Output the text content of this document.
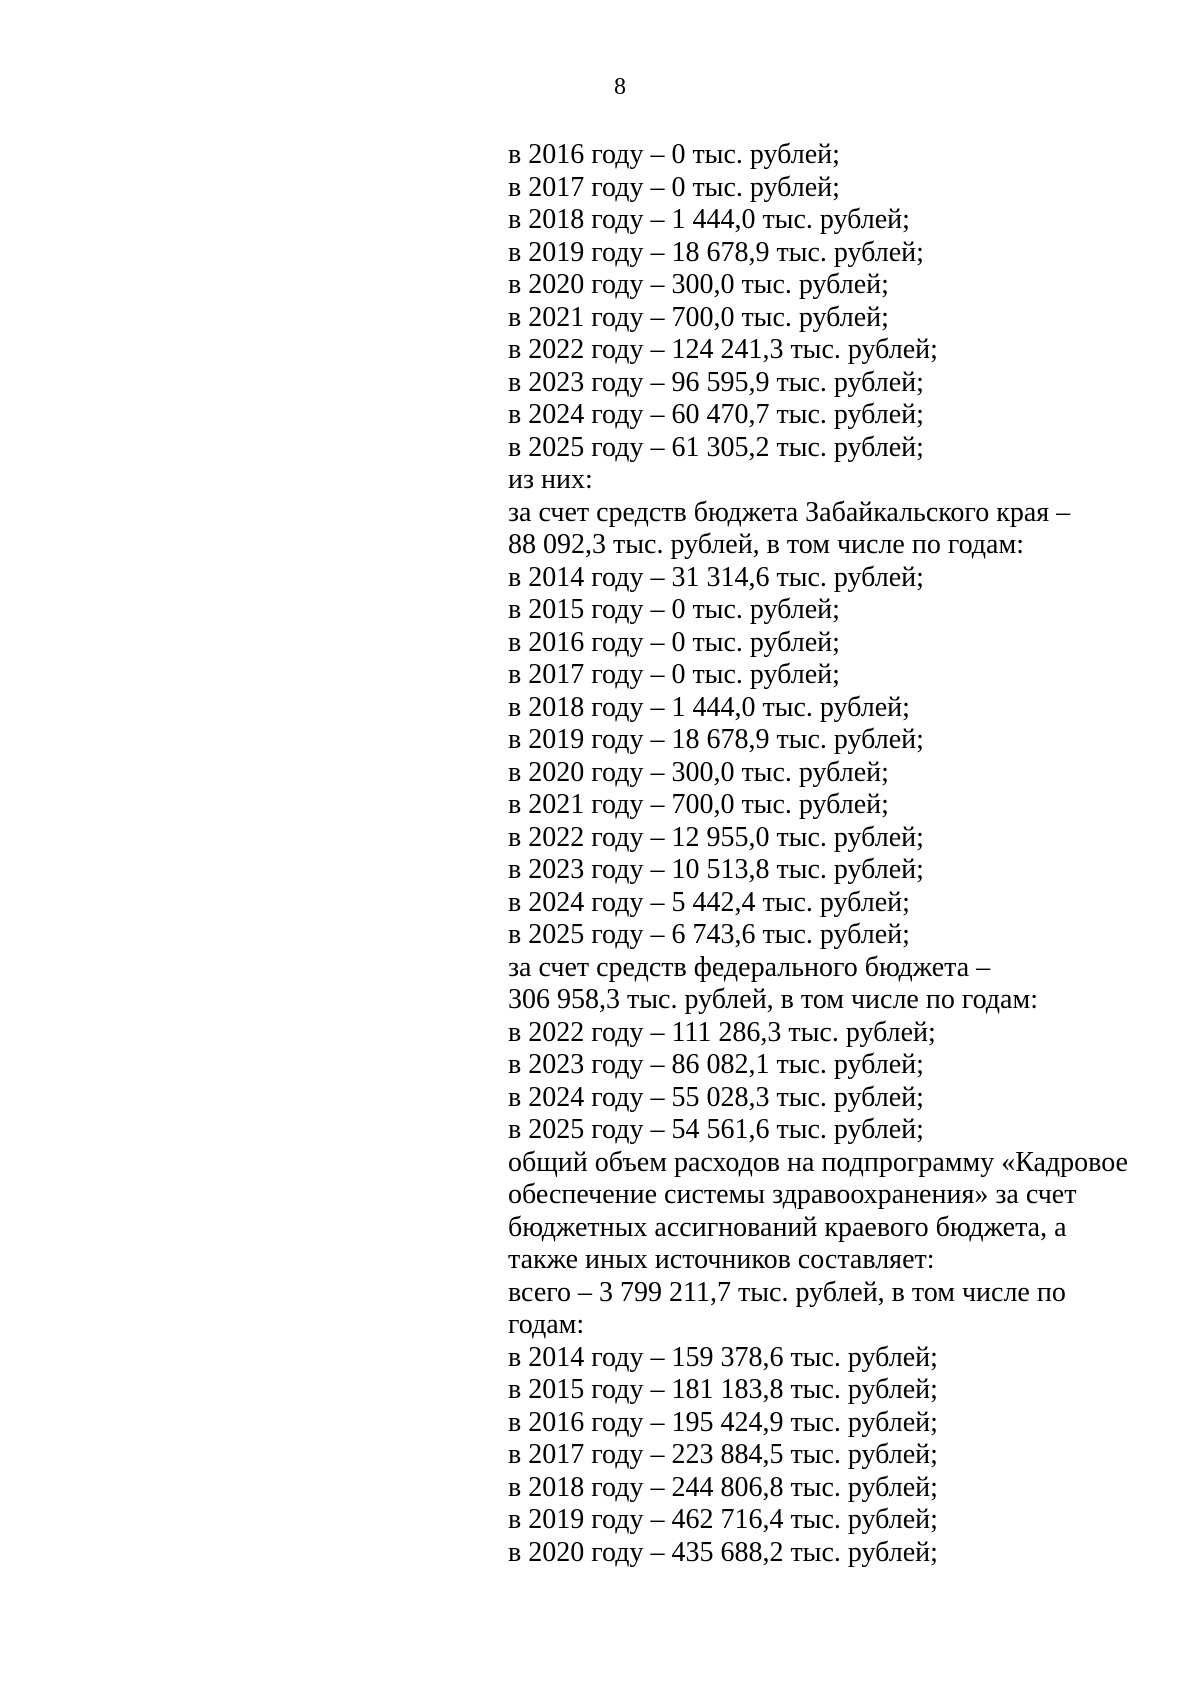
8
в 2016 году – 0 тыс. рублей;
в 2017 году – 0 тыс. рублей;
в 2018 году – 1 444,0 тыс. рублей;
в 2019 году – 18 678,9 тыс. рублей;
в 2020 году – 300,0 тыс. рублей;
в 2021 году – 700,0 тыс. рублей;
в 2022 году – 124 241,3 тыс. рублей;
в 2023 году – 96 595,9 тыс. рублей;
в 2024 году – 60 470,7 тыс. рублей;
в 2025 году – 61 305,2 тыс. рублей;
из них:
за счет средств бюджета Забайкальского края –
88 092,3 тыс. рублей, в том числе по годам:
в 2014 году – 31 314,6 тыс. рублей;
в 2015 году – 0 тыс. рублей;
в 2016 году – 0 тыс. рублей;
в 2017 году – 0 тыс. рублей;
в 2018 году – 1 444,0 тыс. рублей;
в 2019 году – 18 678,9 тыс. рублей;
в 2020 году – 300,0 тыс. рублей;
в 2021 году – 700,0 тыс. рублей;
в 2022 году – 12 955,0 тыс. рублей;
в 2023 году – 10 513,8 тыс. рублей;
в 2024 году – 5 442,4 тыс. рублей;
в 2025 году – 6 743,6 тыс. рублей;
за счет средств федерального бюджета –
306 958,3 тыс. рублей, в том числе по годам:
в 2022 году – 111 286,3 тыс. рублей;
в 2023 году – 86 082,1 тыс. рублей;
в 2024 году – 55 028,3 тыс. рублей;
в 2025 году – 54 561,6 тыс. рублей;
общий объем расходов на подпрограмму «Кадровое
обеспечение системы здравоохранения» за счет
бюджетных ассигнований краевого бюджета, а
также иных источников составляет:
всего – 3 799 211,7 тыс. рублей, в том числе по
годам:
в 2014 году – 159 378,6 тыс. рублей;
в 2015 году – 181 183,8 тыс. рублей;
в 2016 году – 195 424,9 тыс. рублей;
в 2017 году – 223 884,5 тыс. рублей;
в 2018 году – 244 806,8 тыс. рублей;
в 2019 году – 462 716,4 тыс. рублей;
в 2020 году – 435 688,2 тыс. рублей;
